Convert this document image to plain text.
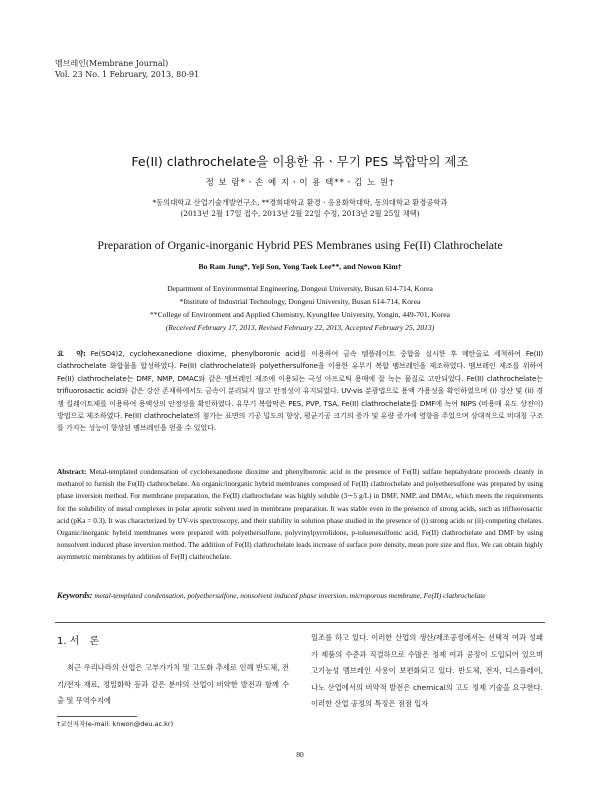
멤브레인(Membrane Journal)
Vol. 23 No. 1 February, 2013, 80-91
Fe(II) clathrochelate을 이용한 유ㆍ무기 PES 복합막의 제조
정 보 람*ㆍ손 예 지ㆍ이 용 택**ㆍ김 노 원†
*동의대학교 산업기술개발연구소, **경희대학교 환경ㆍ응용화학대학, 동의대학교 환경공학과
(2013년 2월 17일 접수, 2013년 2월 22일 수정, 2013년 2월 25일 채택)
Preparation of Organic-inorganic Hybrid PES Membranes using Fe(II) Clathrochelate
Bo Ram Jung*, Yeji Son, Yong Taek Lee**, and Nowon Kim†
Department of Environmental Engineering, Dongeui University, Busan 614-714, Korea
*Institute of Industrial Technology, Dongeui University, Busan 614-714, Korea
**College of Environment and Applied Chemistry, KyungHee University, Yongin, 449-701, Korea
(Received February 17, 2013, Revised February 22, 2013, Accepted February 25, 2013)
요　약: Fe(SO4)2, cyclohexanedione dioxime, phenylboronic acid를 이용하여 금속 템플레이트 중합을 실시한 후 메탄올로 세척하여 Fe(II) clathrochelate 화합물을 합성하였다. Fe(II) clathrochelate와 polyethersulfone을 이용한 유무기 복합 멤브레인을 제조하였다. 멤브레인 제조를 위하여 Fe(II) clathrochelate는 DMF, NMP, DMAC와 같은 멤브레인 제조에 이용되는 극성 아프로틱 용매에 잘 녹는 물질로 고안되었다. Fe(II) clathrochelate는 trifluorosactic acid와 같은 강산 존재하에서도 금속이 분리되지 않고 안정성이 유지되었다. UV-vis 분광법으로 용액 가용성을 확인하였으며 (i) 강산 및 (ii) 경쟁 킬레이트제를 이용하여 용액상의 안정성을 확인하였다. 유무기 복합막은 PES, PVP, TSA, Fe(II) clathrochelate를 DMF에 녹여 NIPS (비용매 유도 상전이) 방법으로 제조하였다. Fe(II) clathrochelate의 첨가는 표면의 기공 밀도의 향상, 평균기공 크기의 증가 및 유량 증가에 영향을 주었으며 상대적으로 비대칭 구조를 가지는 성능이 향상된 멤브레인을 얻을 수 있었다.
Abstract: Metal-templated condensation of cyclohexanedione dioxime and phenylboronic acid in the presence of Fe(II) sulfate heptahydrate proceeds cleanly in methanol to furnish the Fe(II) clathrochelate. An organic/inorganic hybrid membranes composed of Fe(II) clathrochelate and polyethersulfone was prepared by using phase inversion method. For membrane preparation, the Fe(II) clathrochelate was highly soluble (3∼5 g/L) in DMF, NMP, and DMAc, which meets the requirements for the solubility of metal complexes in polar aprotic solvent used in membrane preparation. It was stable even in the presence of strong acids, such as trifluorosactic acid (pKa = 0.3). It was characterized by UV-vis spectroscopy, and their stability in solution phase studied in the presence of (i) strong acids or (ii) competing chelates. Organic/inorganic hybrid membranes were prepared with polyethersulfone, polyvinylpyrrolidone, p-toluenesulfonic acid, Fe(II) clathrochelate and DMF by using nonsolvent induced phase inversion method. The addition of Fe(II) clathrochelate leads increase of surface pore density, mean pore size and flux. We can obtain highly asymmetric membranes by addition of Fe(II) clathrochelate.
Keywords: metal-templated condensation, polyethersulfone, nonsolvent induced phase inversion, microporous membrane, Fe(II) clathrochelate
1. 서　론
최근 우리나라의 산업은 고부가가치 및 고도화 추세로 인해 반도체, 전기/전자 재료, 정밀화학 등과 같은 분야의 산업이 비약한 발전과 함께 수출 및 무역수지에
일조를 하고 있다. 이러한 산업의 생산/제조공정에서는 선택적 여과 성패가 제품의 수준과 직결하므로 수많은 정제 여과 공정이 도입되어 있으며 고기능성 멤브레인 사용이 보편화되고 있다. 반도체, 전자, 디스플레이, 나노 산업에서의 비약적 발전은 chemical의 고도 정제 기술을 요구한다. 이러한 산업 공정의 특징은 점점 입자
†교신저자(e-mail: knwon@deu.ac.kr)
80
